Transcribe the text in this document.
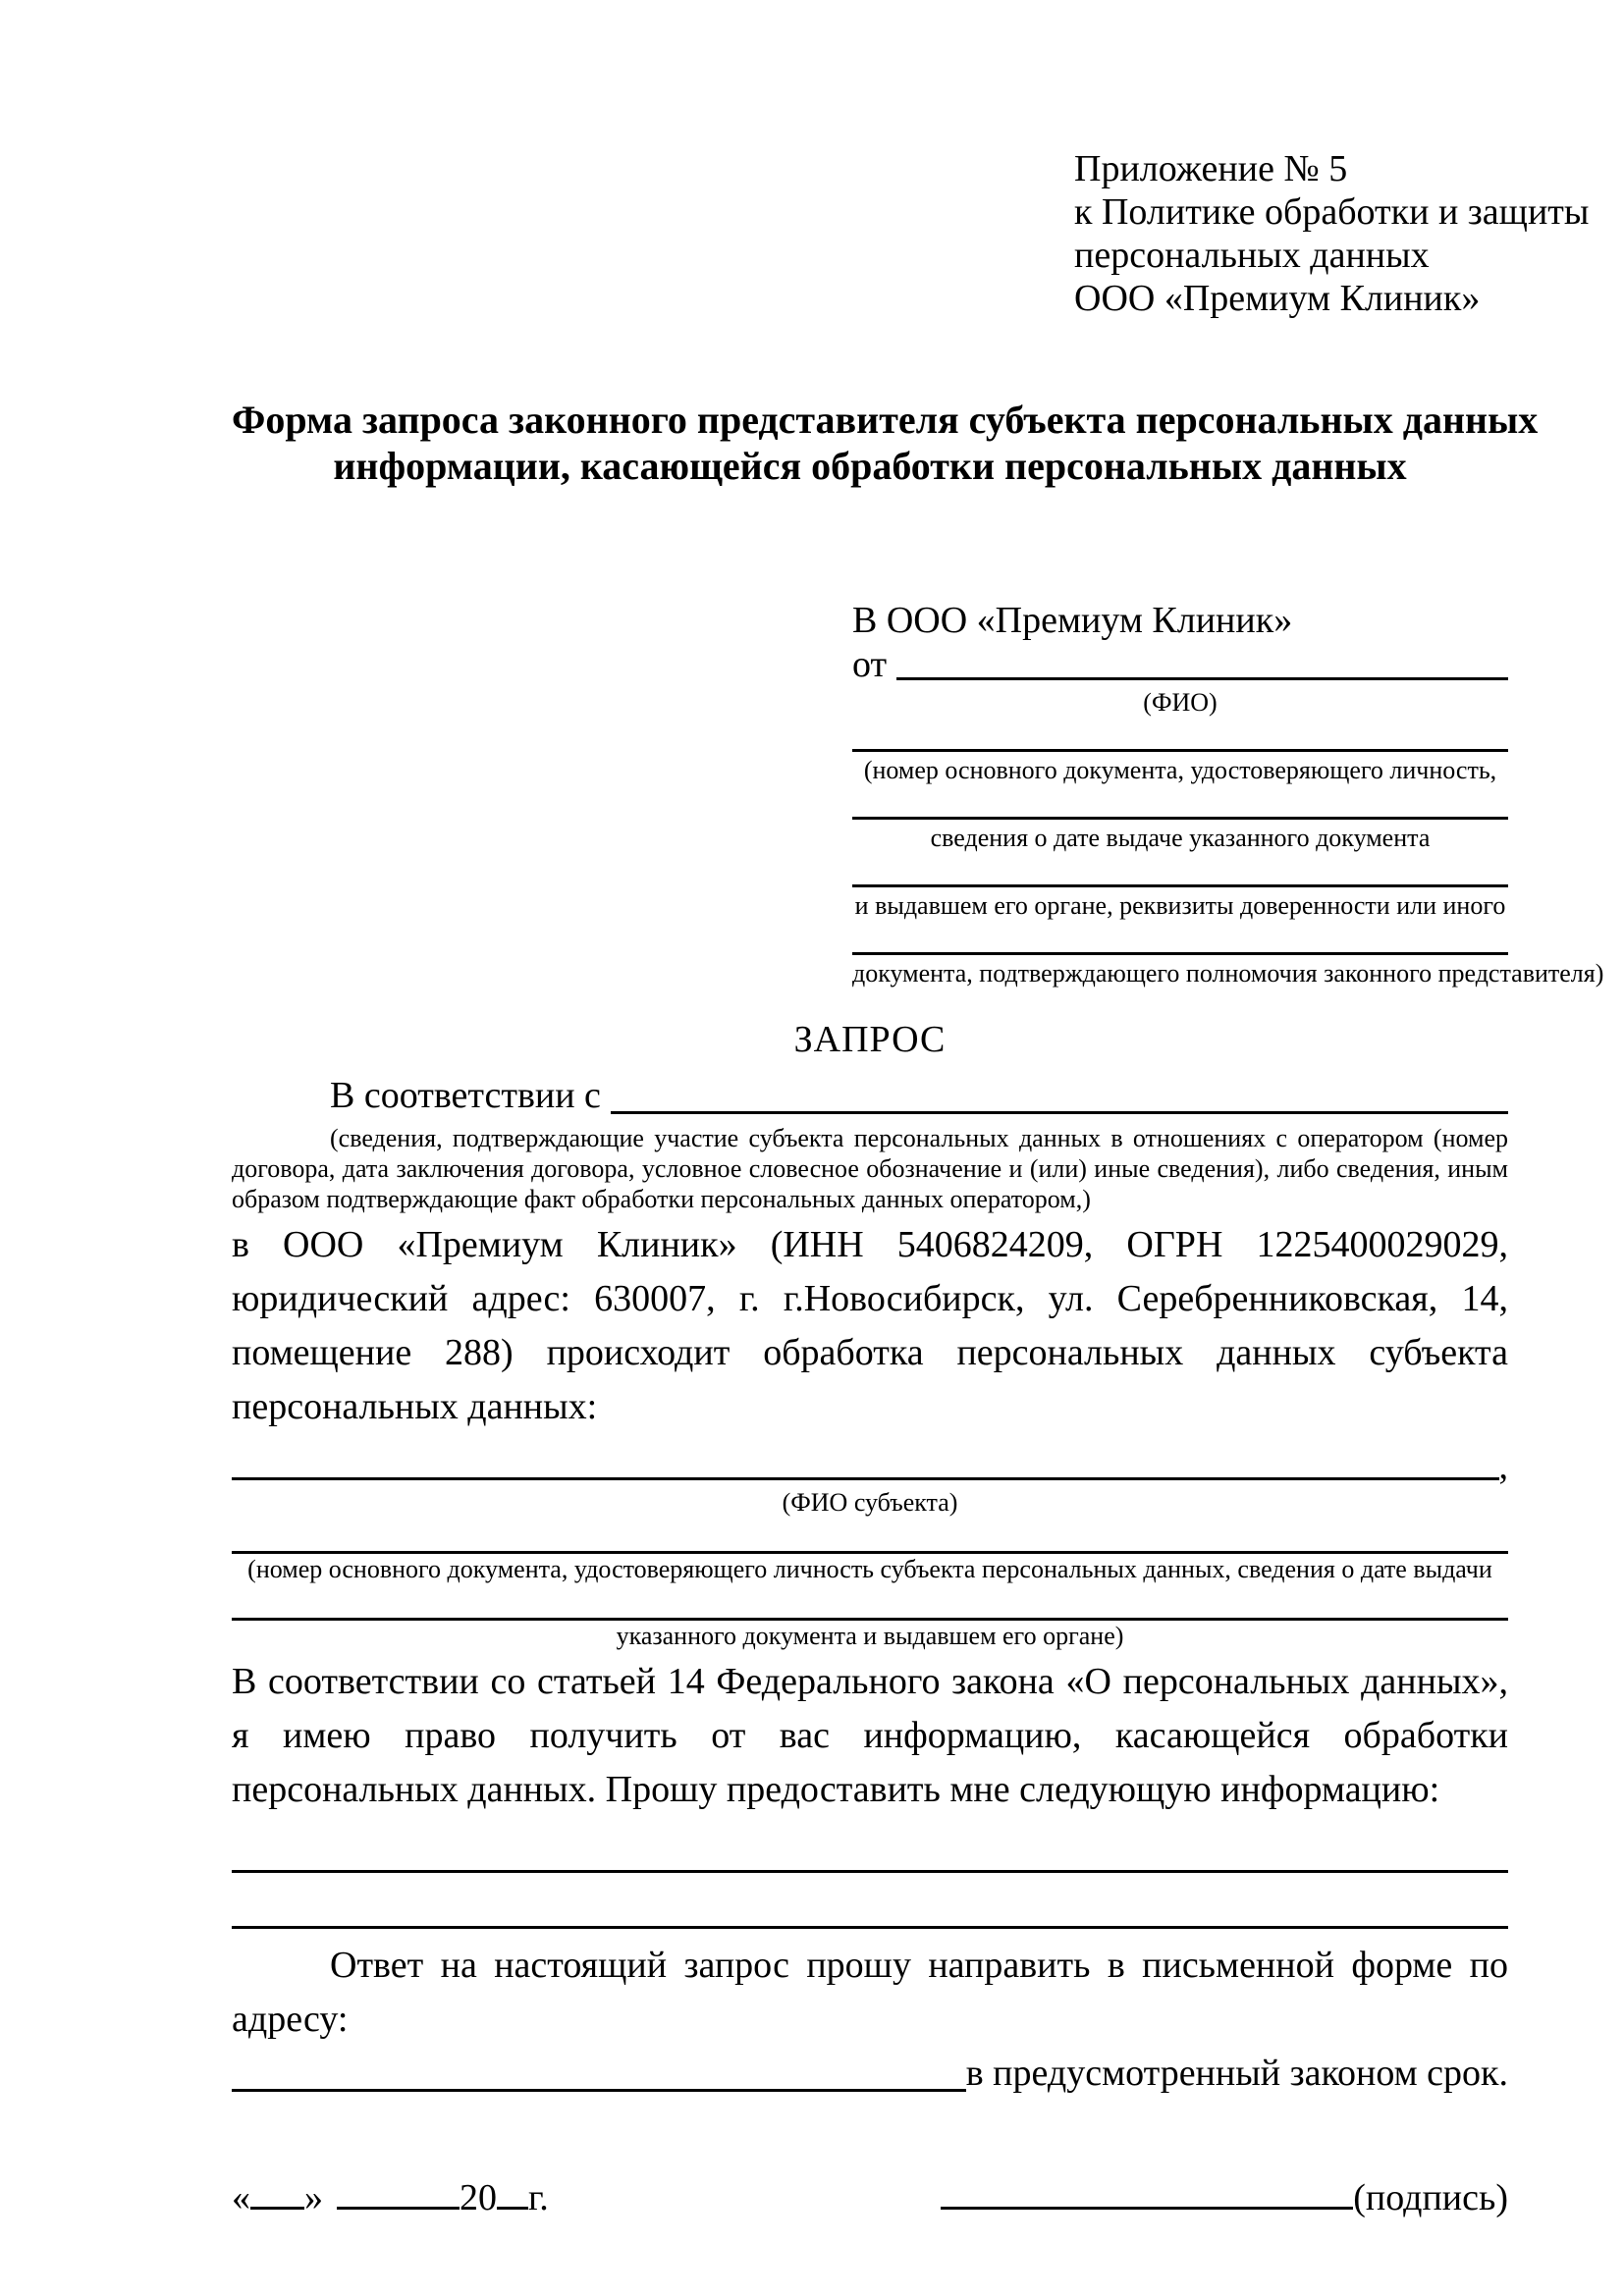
Приложение № 5
к Политике обработки и защиты
персональных данных
ООО «Премиум Клиник»
Форма запроса законного представителя субъекта персональных данных
информации, касающейся обработки персональных данных
В ООО «Премиум Клиник»
от
(ФИО)
(номер основного документа, удостоверяющего личность,
сведения о дате выдаче указанного документа
и выдавшем его органе, реквизиты доверенности или иного
документа, подтверждающего полномочия законного представителя)
ЗАПРОС
В соответствии с

(сведения, подтверждающие участие субъекта персональных данных в отношениях с оператором (номер договора, дата заключения договора, условное словесное обозначение и (или) иные сведения), либо сведения, иным образом подтверждающие факт обработки персональных данных оператором,)

в ООО «Премиум Клиник» (ИНН 5406824209, ОГРН 1225400029029, юридический адрес: 630007, г. г.Новосибирск, ул. Серебренниковская, 14, помещение 288) происходит обработка персональных данных субъекта персональных данных:

,
(ФИО субъекта)
(номер основного документа, удостоверяющего личность субъекта персональных данных, сведения о дате выдачи
указанного документа и выдавшем его органе)

В соответствии со статьей 14 Федерального закона «О персональных данных», я имею право получить от вас информацию, касающейся обработки персональных данных. Прошу предоставить мне следующую информацию:

Ответ на настоящий запрос прошу направить в письменной форме по адресу:

в предусмотренный законом срок.
« »	20 г.	(подпись)
